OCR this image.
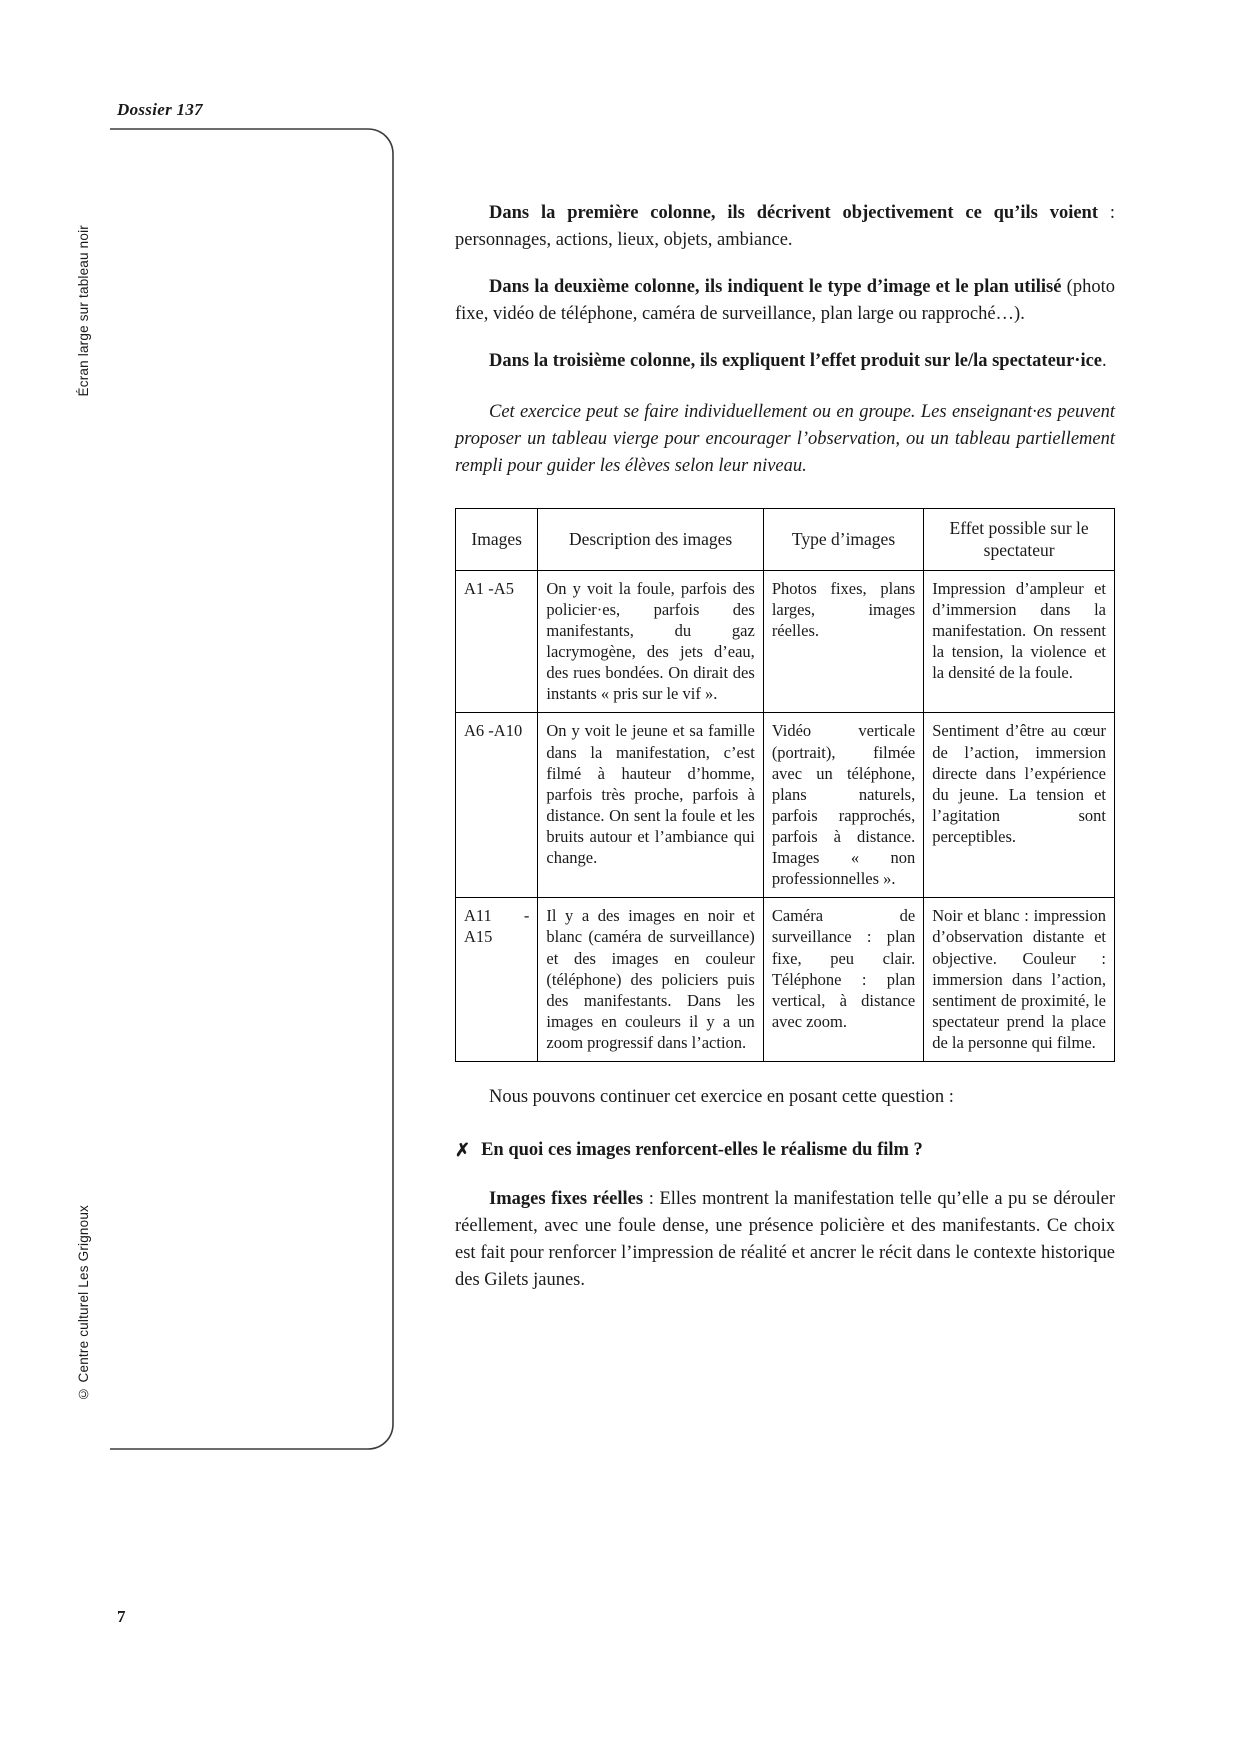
Dossier 137
Écran large sur tableau noir
© Centre culturel Les Grignoux
7

Dans la première colonne, ils décrivent objectivement ce qu’ils voient : personnages, actions, lieux, objets, ambiance.

Dans la deuxième colonne, ils indiquent le type d’image et le plan utilisé (photo fixe, vidéo de téléphone, caméra de surveillance, plan large ou rapproché…).

Dans la troisième colonne, ils expliquent l’effet produit sur le/la spectateur·ice.

Cet exercice peut se faire individuellement ou en groupe. Les enseignant·es peuvent proposer un tableau vierge pour encourager l’observation, ou un tableau partiellement rempli pour guider les élèves selon leur niveau.

Images	Description des images	Type d’images	Effet possible sur le spectateur
A1 -A5	On y voit la foule, parfois des policier·es, parfois des manifestants, du gaz lacrymogène, des jets d’eau, des rues bondées. On dirait des instants « pris sur le vif ».	Photos fixes, plans larges, images réelles.	Impression d’ampleur et d’immersion dans la manifestation. On ressent la tension, la violence et la densité de la foule.
A6 -A10	On y voit le jeune et sa famille dans la manifestation, c’est filmé à hauteur d’homme, parfois très proche, parfois à distance. On sent la foule et les bruits autour et l’ambiance qui change.	Vidéo verticale (portrait), filmée avec un téléphone, plans naturels, parfois rapprochés, parfois à distance. Images « non professionnelles ».	Sentiment d’être au cœur de l’action, immersion directe dans l’expérience du jeune. La tension et l’agitation sont perceptibles.
A11 -A15	Il y a des images en noir et blanc (caméra de surveillance) et des images en couleur (téléphone) des policiers puis des manifestants. Dans les images en couleurs il y a un zoom progressif dans l’action.	Caméra de surveillance : plan fixe, peu clair. Téléphone : plan vertical, à distance avec zoom.	Noir et blanc : impression d’observation distante et objective. Couleur : immersion dans l’action, sentiment de proximité, le spectateur prend la place de la personne qui filme.

Nous pouvons continuer cet exercice en posant cette question :

✗ En quoi ces images renforcent-elles le réalisme du film ?

Images fixes réelles : Elles montrent la manifestation telle qu’elle a pu se dérouler réellement, avec une foule dense, une présence policière et des manifestants. Ce choix est fait pour renforcer l’impression de réalité et ancrer le récit dans le contexte historique des Gilets jaunes.
